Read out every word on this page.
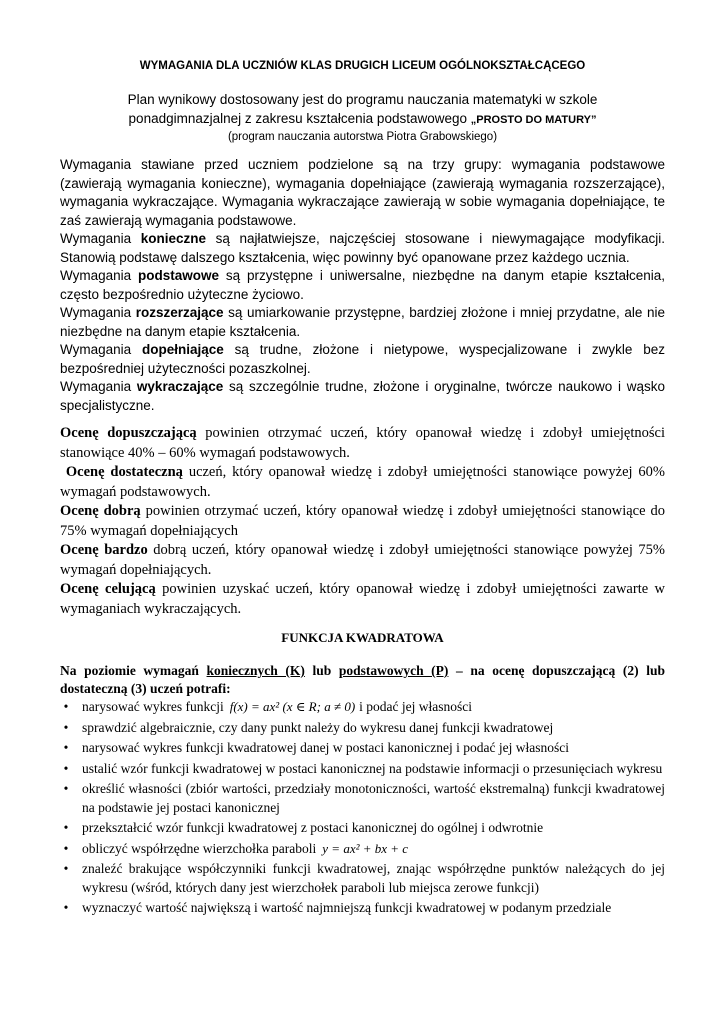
WYMAGANIA DLA UCZNIÓW KLAS DRUGICH LICEUM OGÓLNOKSZTAŁCĄCEGO
Plan wynikowy dostosowany jest do programu nauczania matematyki w szkole
ponadgimnazjalnej z zakresu kształcenia podstawowego „PROSTO DO MATURY”
(program nauczania autorstwa Piotra Grabowskiego)

Wymagania stawiane przed uczniem podzielone są na trzy grupy: wymagania podstawowe (zawierają wymagania konieczne), wymagania dopełniające (zawierają wymagania rozszerzające), wymagania wykraczające. Wymagania wykraczające zawierają w sobie wymagania dopełniające, te zaś zawierają wymagania podstawowe.

Wymagania konieczne są najłatwiejsze, najczęściej stosowane i niewymagające modyfikacji. Stanowią podstawę dalszego kształcenia, więc powinny być opanowane przez każdego ucznia.

Wymagania podstawowe są przystępne i uniwersalne, niezbędne na danym etapie kształcenia, często bezpośrednio użyteczne życiowo.

Wymagania rozszerzające są umiarkowanie przystępne, bardziej złożone i mniej przydatne, ale nie niezbędne na danym etapie kształcenia.

Wymagania dopełniające są trudne, złożone i nietypowe, wyspecjalizowane i zwykle bez bezpośredniej użyteczności pozaszkolnej.

Wymagania wykraczające są szczególnie trudne, złożone i oryginalne, twórcze naukowo i wąsko specjalistyczne.

Ocenę dopuszczającą powinien otrzymać uczeń, który opanował wiedzę i zdobył umiejętności stanowiące 40% – 60% wymagań podstawowych.

Ocenę dostateczną uczeń, który opanował wiedzę i zdobył umiejętności stanowiące powyżej 60% wymagań podstawowych.

Ocenę dobrą powinien otrzymać uczeń, który opanował wiedzę i zdobył umiejętności stanowiące do 75% wymagań dopełniających

Ocenę bardzo dobrą uczeń, który opanował wiedzę i zdobył umiejętności stanowiące powyżej 75% wymagań dopełniających.

Ocenę celującą powinien uzyskać uczeń, który opanował wiedzę i zdobył umiejętności zawarte w wymaganiach wykraczających.

FUNKCJA KWADRATOWA

Na poziomie wymagań koniecznych (K) lub podstawowych (P) – na ocenę dopuszczającą (2) lub dostateczną (3) uczeń potrafi:

• narysować wykres funkcji f(x) = ax² (x ∈ R; a ≠ 0) i podać jej własności
• sprawdzić algebraicznie, czy dany punkt należy do wykresu danej funkcji kwadratowej
• narysować wykres funkcji kwadratowej danej w postaci kanonicznej i podać jej własności
• ustalić wzór funkcji kwadratowej w postaci kanonicznej na podstawie informacji o przesunięciach wykresu
• określić własności (zbiór wartości, przedziały monotoniczności, wartość ekstremalną) funkcji kwadratowej na podstawie jej postaci kanonicznej
• przekształcić wzór funkcji kwadratowej z postaci kanonicznej do ogólnej i odwrotnie
• obliczyć współrzędne wierzchołka paraboli y = ax² + bx + c
• znaleźć brakujące współczynniki funkcji kwadratowej, znając współrzędne punktów należących do jej wykresu (wśród, których dany jest wierzchołek paraboli lub miejsca zerowe funkcji)
• wyznaczyć wartość największą i wartość najmniejszą funkcji kwadratowej w podanym przedziale
